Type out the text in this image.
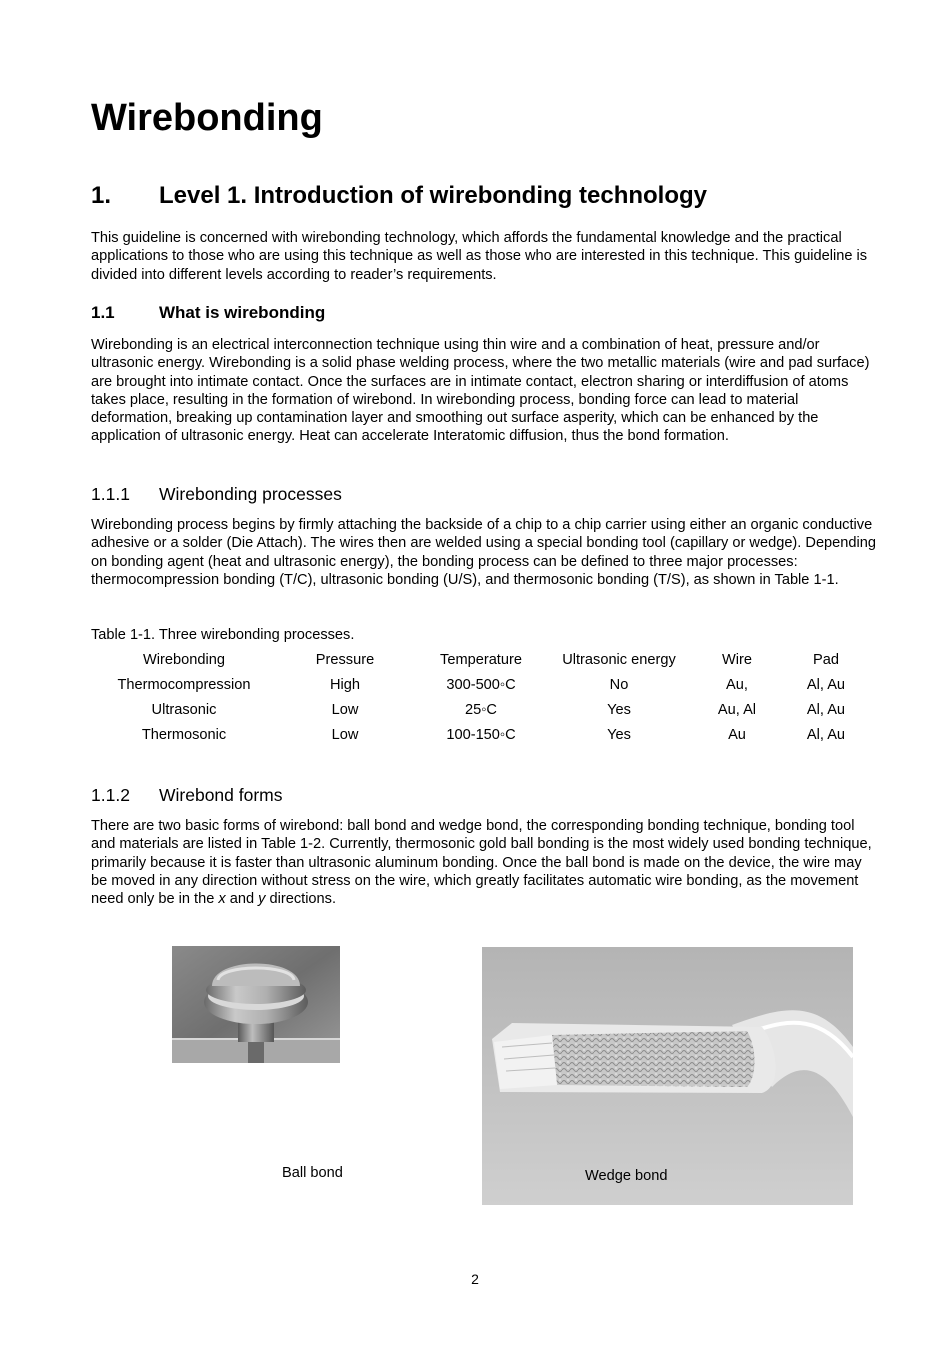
Wirebonding
1. Level 1. Introduction of wirebonding technology

This guideline is concerned with wirebonding technology, which affords the fundamental knowledge and the practical applications to those who are using this technique as well as those who are interested in this technique. This guideline is divided into different levels according to reader’s requirements.

1.1	What is wirebonding

Wirebonding is an electrical interconnection technique using thin wire and a combination of heat, pressure and/or ultrasonic energy. Wirebonding is a solid phase welding process, where the two metallic materials (wire and pad surface) are brought into intimate contact. Once the surfaces are in intimate contact, electron sharing or interdiffusion of atoms takes place, resulting in the formation of wirebond. In wirebonding process, bonding force can lead to material deformation, breaking up contamination layer and smoothing out surface asperity, which can be enhanced by the application of ultrasonic energy. Heat can accelerate Interatomic diffusion, thus the bond formation.

1.1.1 Wirebonding processes

Wirebonding process begins by firmly attaching the backside of a chip to a chip carrier using either an organic conductive adhesive or a solder (Die Attach). The wires then are welded using a special bonding tool (capillary or wedge). Depending on bonding agent (heat and ultrasonic energy), the bonding process can be defined to three major processes: thermocompression bonding (T/C), ultrasonic bonding (U/S), and thermosonic bonding (T/S), as shown in Table 1-1.

Table 1-1. Three wirebonding processes.

Wirebonding	Pressure	Temperature	Ultrasonic energy	Wire	Pad
Thermocompression	High	300-500◦C	No	Au,	Al, Au
Ultrasonic	Low	25◦C	Yes	Au, Al	Al, Au
Thermosonic	Low	100-150◦C	Yes	Au	Al, Au
1.1.2 Wirebond forms

There are two basic forms of wirebond: ball bond and wedge bond, the corresponding bonding technique, bonding tool and materials are listed in Table 1-2. Currently, thermosonic gold ball bonding is the most widely used bonding technique, primarily because it is faster than ultrasonic aluminum bonding. Once the ball bond is made on the device, the wire may be moved in any direction without stress on the wire, which greatly facilitates automatic wire bonding, as the movement need only be in the x and y directions.

Ball bond	Wedge bond

2
